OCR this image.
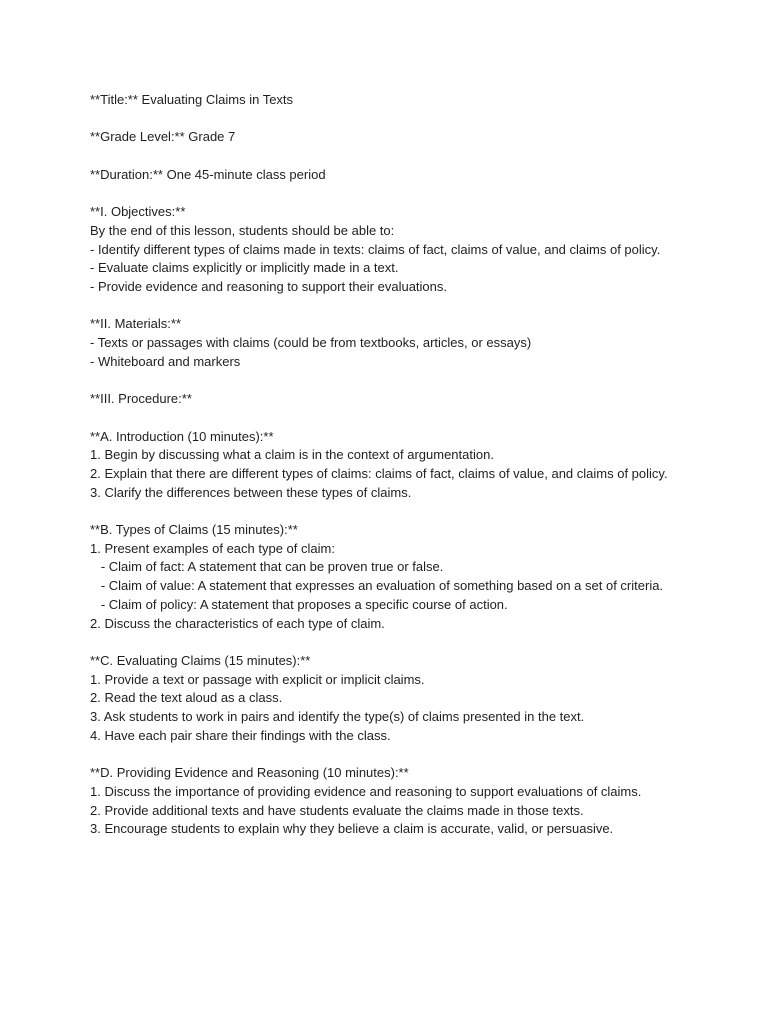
**Title:** Evaluating Claims in Texts
**Grade Level:** Grade 7
**Duration:** One 45-minute class period
**I. Objectives:**
By the end of this lesson, students should be able to:
- Identify different types of claims made in texts: claims of fact, claims of value, and claims of policy.
- Evaluate claims explicitly or implicitly made in a text.
- Provide evidence and reasoning to support their evaluations.
**II. Materials:**
- Texts or passages with claims (could be from textbooks, articles, or essays)
- Whiteboard and markers
**III. Procedure:**
**A. Introduction (10 minutes):**
1. Begin by discussing what a claim is in the context of argumentation.
2. Explain that there are different types of claims: claims of fact, claims of value, and claims of policy.
3. Clarify the differences between these types of claims.
**B. Types of Claims (15 minutes):**
1. Present examples of each type of claim:
- Claim of fact: A statement that can be proven true or false.
- Claim of value: A statement that expresses an evaluation of something based on a set of criteria.
- Claim of policy: A statement that proposes a specific course of action.
2. Discuss the characteristics of each type of claim.
**C. Evaluating Claims (15 minutes):**
1. Provide a text or passage with explicit or implicit claims.
2. Read the text aloud as a class.
3. Ask students to work in pairs and identify the type(s) of claims presented in the text.
4. Have each pair share their findings with the class.
**D. Providing Evidence and Reasoning (10 minutes):**
1. Discuss the importance of providing evidence and reasoning to support evaluations of claims.
2. Provide additional texts and have students evaluate the claims made in those texts.
3. Encourage students to explain why they believe a claim is accurate, valid, or persuasive.
